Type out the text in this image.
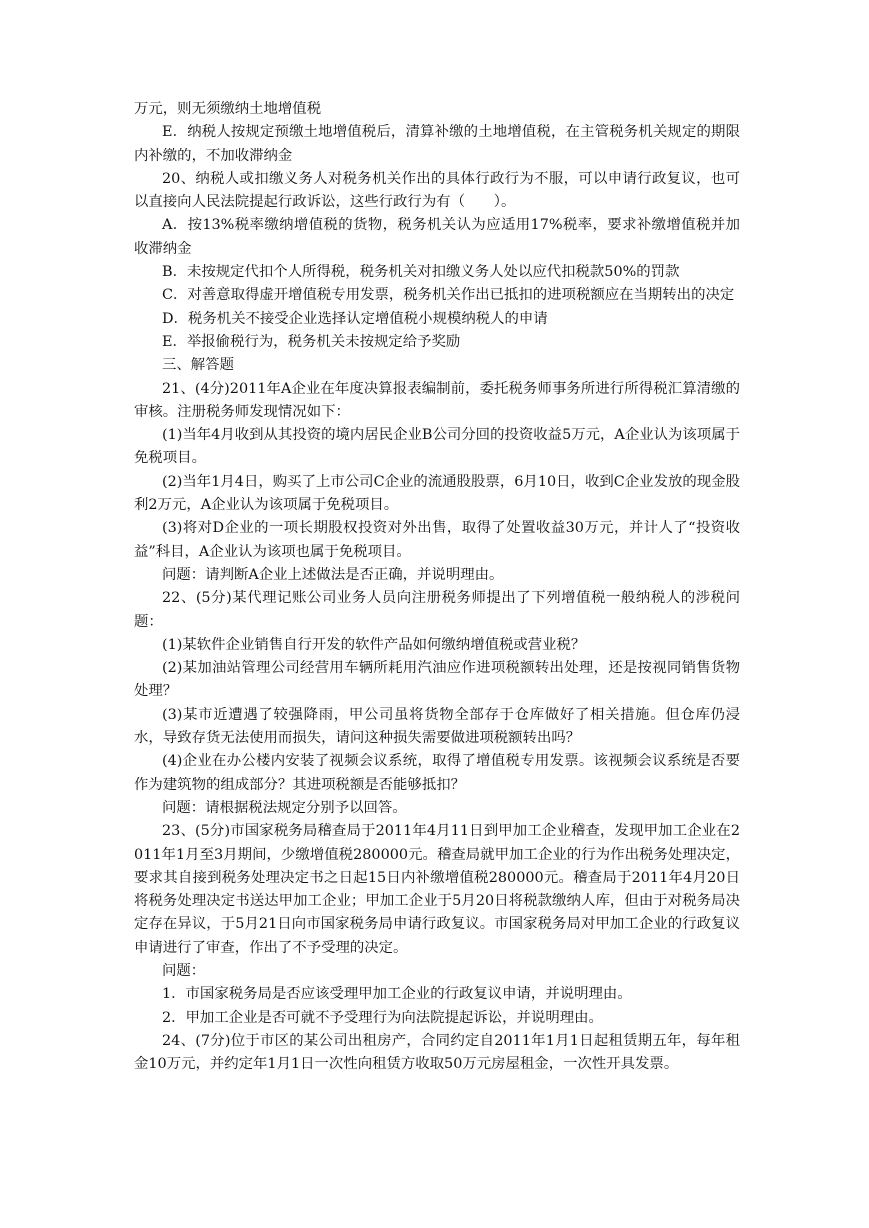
万元，则无须缴纳土地增值税

E．纳税人按规定预缴土地增值税后，清算补缴的土地增值税，在主管税务机关规定的期限内补缴的，不加收滞纳金

20、纳税人或扣缴义务人对税务机关作出的具体行政行为不服，可以申请行政复议，也可以直接向人民法院提起行政诉讼，这些行政行为有（　　）。

A．按13%税率缴纳增值税的货物，税务机关认为应适用17%税率，要求补缴增值税并加收滞纳金

B．未按规定代扣个人所得税，税务机关对扣缴义务人处以应代扣税款50%的罚款

C．对善意取得虚开增值税专用发票，税务机关作出已抵扣的进项税额应在当期转出的决定

D．税务机关不接受企业选择认定增值税小规模纳税人的申请

E．举报偷税行为，税务机关未按规定给予奖励

三、解答题

21、(4分)2011年A企业在年度决算报表编制前，委托税务师事务所进行所得税汇算清缴的审核。注册税务师发现情况如下：

(1)当年4月收到从其投资的境内居民企业B公司分回的投资收益5万元，A企业认为该项属于免税项目。

(2)当年1月4日，购买了上市公司C企业的流通股股票，6月10日，收到C企业发放的现金股利2万元，A企业认为该项属于免税项目。

(3)将对D企业的一项长期股权投资对外出售，取得了处置收益30万元，并计人了“投资收益”科目，A企业认为该项也属于免税项目。

问题：请判断A企业上述做法是否正确，并说明理由。

22、(5分)某代理记账公司业务人员向注册税务师提出了下列增值税一般纳税人的涉税问题：

(1)某软件企业销售自行开发的软件产品如何缴纳增值税或营业税？

(2)某加油站管理公司经营用车辆所耗用汽油应作进项税额转出处理，还是按视同销售货物处理？

(3)某市近遭遇了较强降雨，甲公司虽将货物全部存于仓库做好了相关措施。但仓库仍浸水，导致存货无法使用而损失，请问这种损失需要做进项税额转出吗？

(4)企业在办公楼内安装了视频会议系统，取得了增值税专用发票。该视频会议系统是否要作为建筑物的组成部分？其进项税额是否能够抵扣？

问题：请根据税法规定分别予以回答。

23、(5分)市国家税务局稽查局于2011年4月11日到甲加工企业稽查，发现甲加工企业在2011年1月至3月期间，少缴增值税280000元。稽查局就甲加工企业的行为作出税务处理决定，要求其自接到税务处理决定书之日起15日内补缴增值税280000元。稽查局于2011年4月20日将税务处理决定书送达甲加工企业；甲加工企业于5月20日将税款缴纳人库，但由于对税务局决定存在异议，于5月21日向市国家税务局申请行政复议。市国家税务局对甲加工企业的行政复议申请进行了审查，作出了不予受理的决定。

问题：

1．市国家税务局是否应该受理甲加工企业的行政复议申请，并说明理由。

2．甲加工企业是否可就不予受理行为向法院提起诉讼，并说明理由。

24、(7分)位于市区的某公司出租房产，合同约定自2011年1月1日起租赁期五年，每年租金10万元，并约定年1月1日一次性向租赁方收取50万元房屋租金，一次性开具发票。
